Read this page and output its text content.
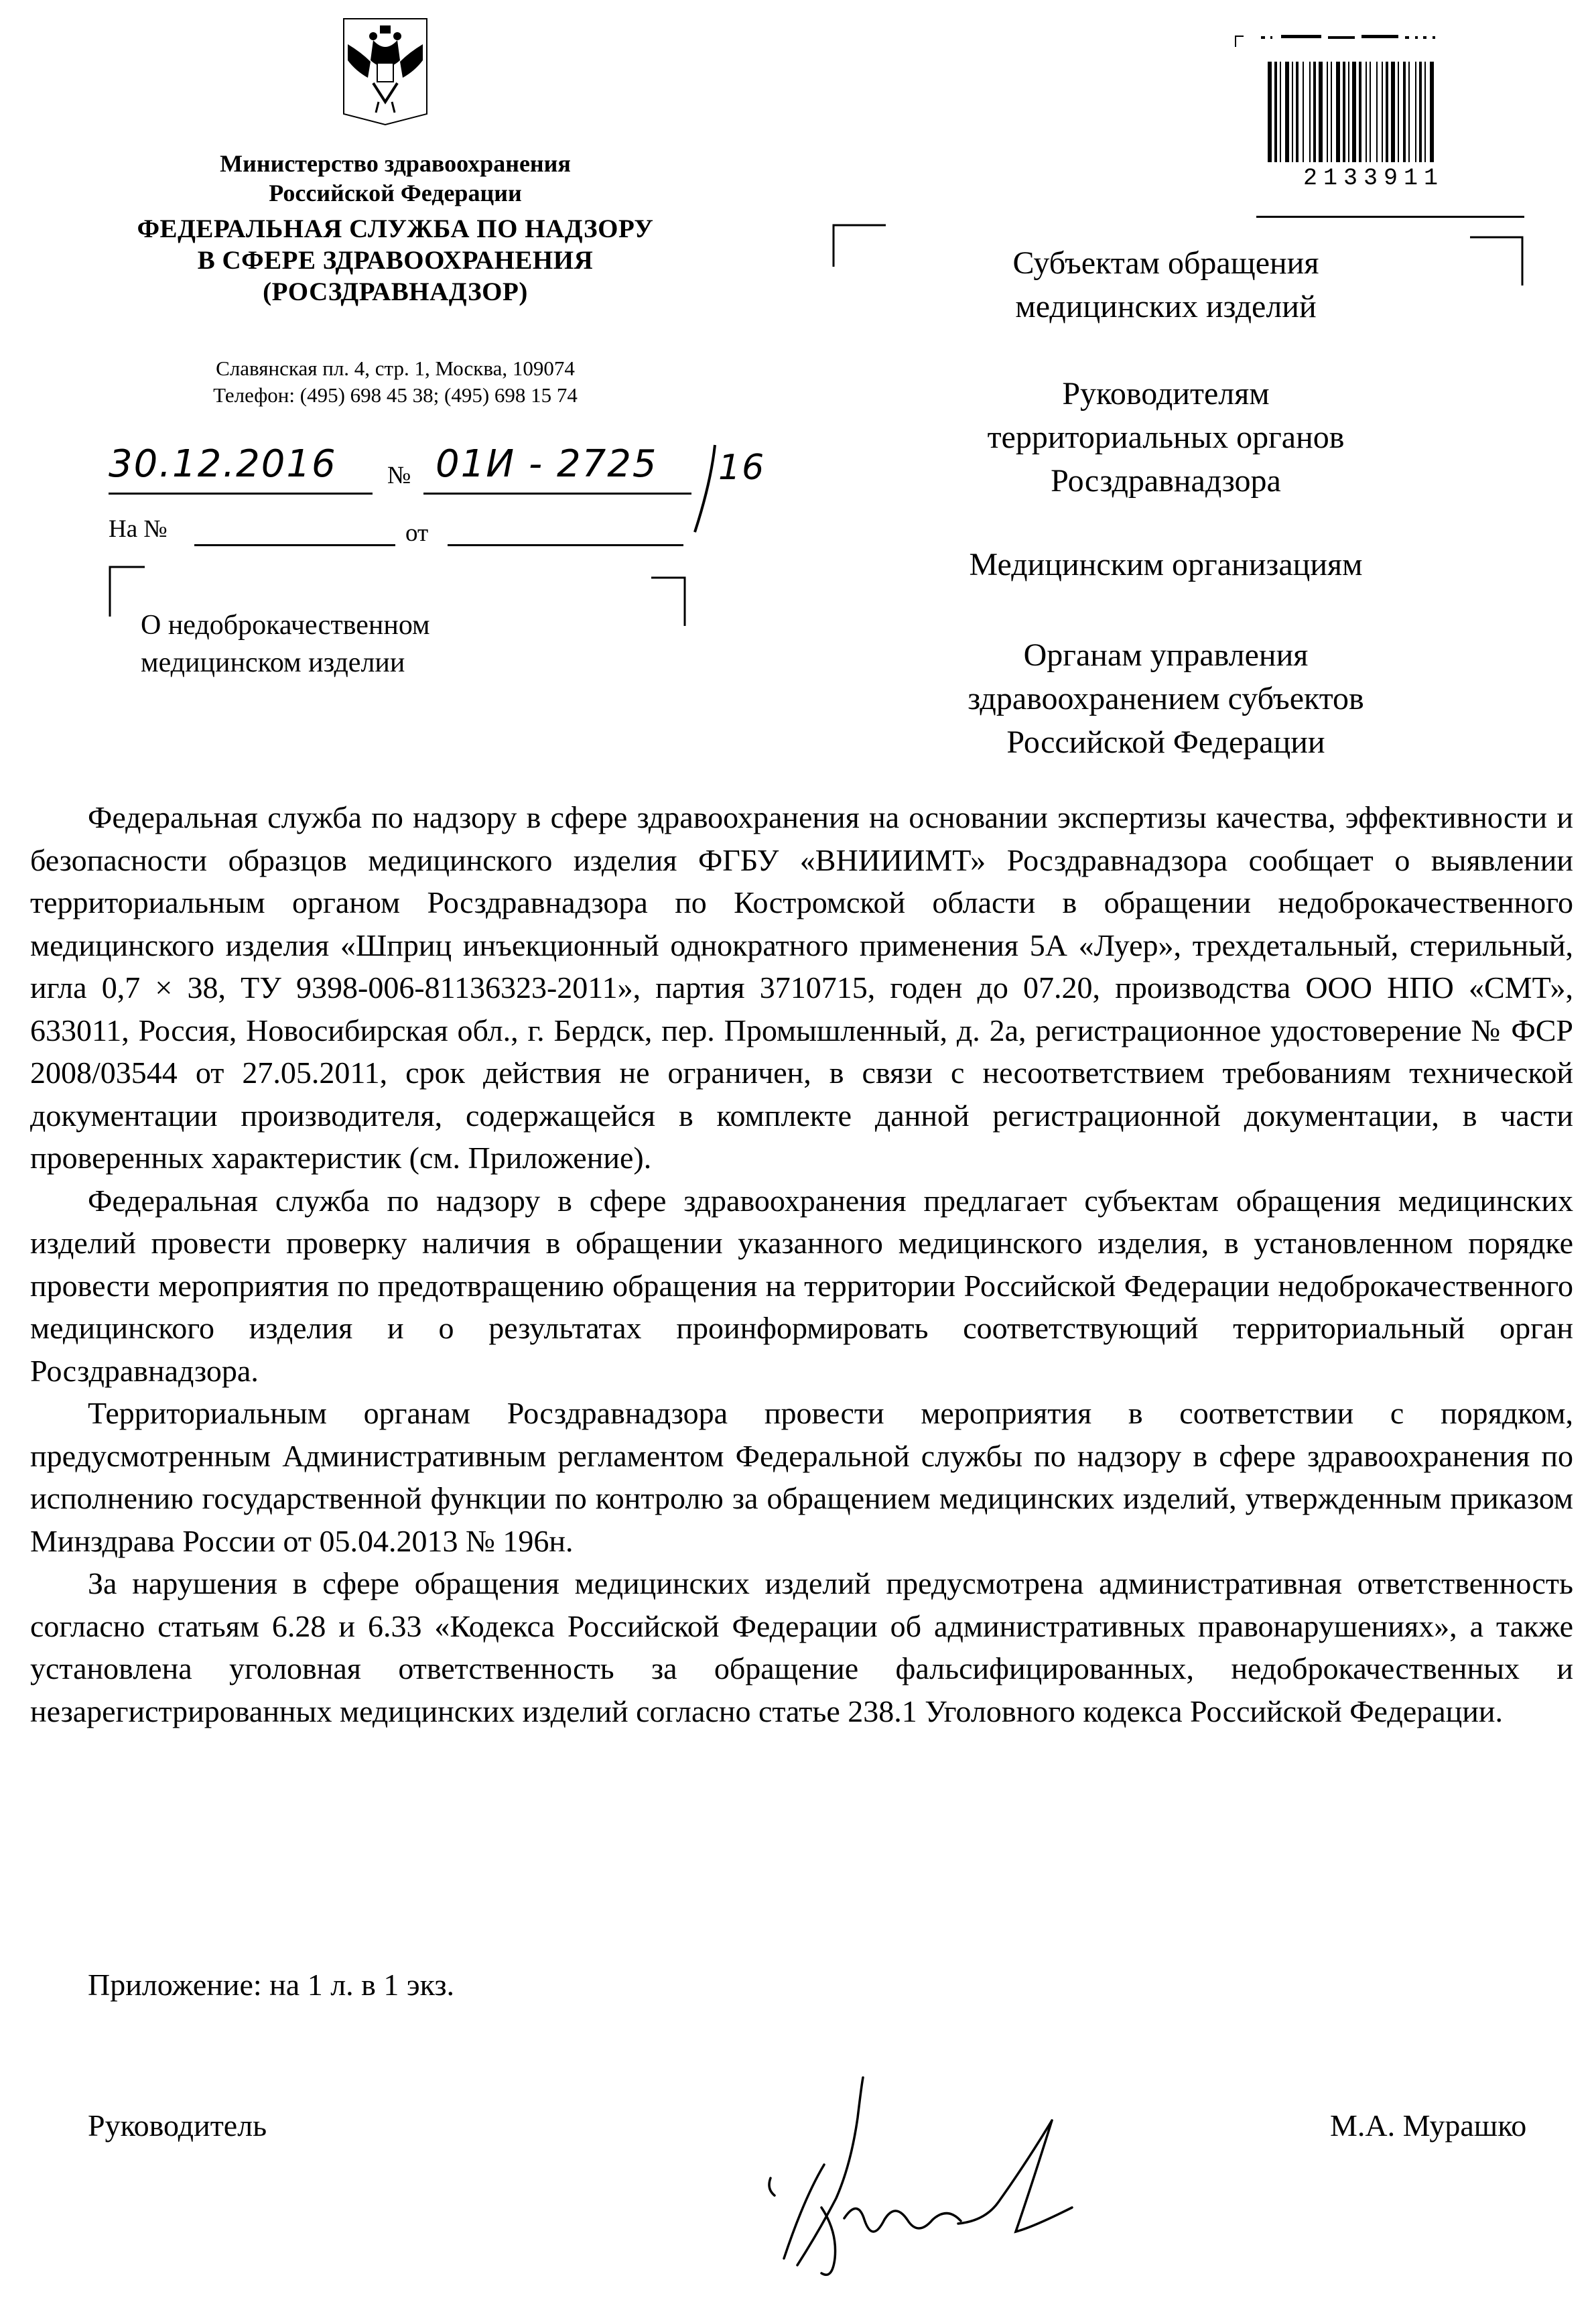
Министерство здравоохранения
Российской Федерации
ФЕДЕРАЛЬНАЯ СЛУЖБА ПО НАДЗОРУ
В СФЕРЕ ЗДРАВООХРАНЕНИЯ
(РОСЗДРАВНАДЗОР)
Славянская пл. 4, стр. 1, Москва, 109074
Телефон: (495) 698 45 38; (495) 698 15 74
30.12.2016 № 01И - 2725 16
На №	от
О недоброкачественном
медицинском изделии
2133911
Субъектам обращения
медицинских изделий
Руководителям
территориальных органов
Росздравнадзора
Медицинским организациям
Органам управления
здравоохранением субъектов
Российской Федерации

Федеральная служба по надзору в сфере здравоохранения на основании экспертизы качества, эффективности и безопасности образцов медицинского изделия ФГБУ «ВНИИИМТ» Росздравнадзора сообщает о выявлении территориальным органом Росздравнадзора по Костромской области в обращении недоброкачественного медицинского изделия «Шприц инъекционный однократного применения 5А «Луер», трехдетальный, стерильный, игла 0,7 × 38, ТУ 9398-006-81136323-2011», партия 3710715, годен до 07.20, производства ООО НПО «СМТ», 633011, Россия, Новосибирская обл., г. Бердск, пер. Промышленный, д. 2а, регистрационное удостоверение № ФСР 2008/03544 от 27.05.2011, срок действия не ограничен, в связи с несоответствием требованиям технической документации производителя, содержащейся в комплекте данной регистрационной документации, в части проверенных характеристик (см. Приложение).

Федеральная служба по надзору в сфере здравоохранения предлагает субъектам обращения медицинских изделий провести проверку наличия в обращении указанного медицинского изделия, в установленном порядке провести мероприятия по предотвращению обращения на территории Российской Федерации недоброкачественного медицинского изделия и о результатах проинформировать соответствующий территориальный орган Росздравнадзора.

Территориальным органам Росздравнадзора провести мероприятия в соответствии с порядком, предусмотренным Административным регламентом Федеральной службы по надзору в сфере здравоохранения по исполнению государственной функции по контролю за обращением медицинских изделий, утвержденным приказом Минздрава России от 05.04.2013 № 196н.

За нарушения в сфере обращения медицинских изделий предусмотрена административная ответственность согласно статьям 6.28 и 6.33 «Кодекса Российской Федерации об административных правонарушениях», а также установлена уголовная ответственность за обращение фальсифицированных, недоброкачественных и незарегистрированных медицинских изделий согласно статье 238.1 Уголовного кодекса Российской Федерации.

Приложение: на 1 л. в 1 экз.
Руководитель	М.А. Мурашко
